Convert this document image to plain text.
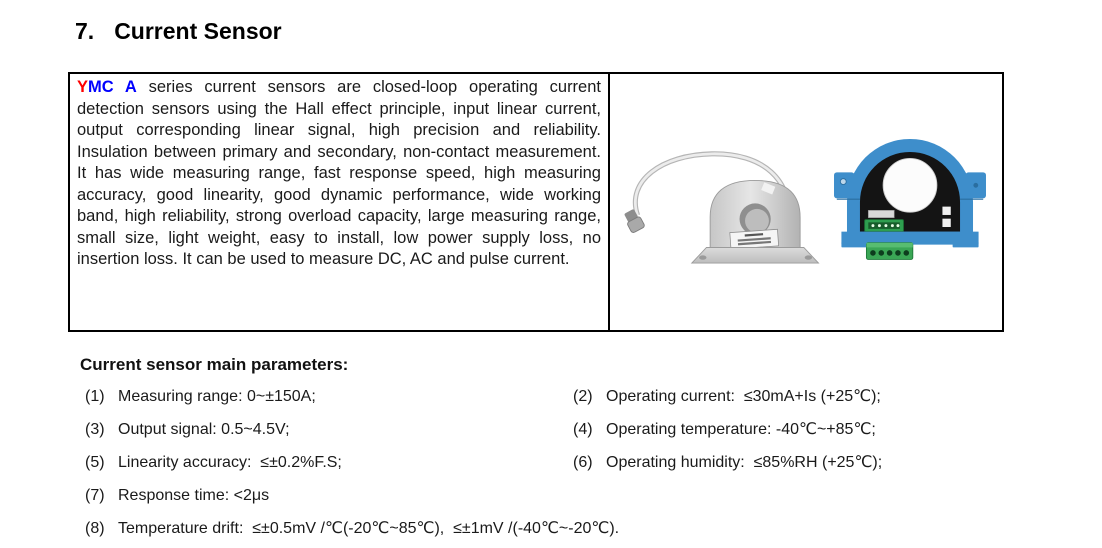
7. Current Sensor
YMC A series current sensors are closed-loop operating current detection sensors using the Hall effect principle, input linear current, output corresponding linear signal, high precision and reliability. Insulation between primary and secondary, non-contact measurement. It has wide measuring range, fast response speed, high measuring accuracy, good linearity, good dynamic performance, wide working band, high reliability, strong overload capacity, large measuring range, small size, light weight, easy to install, low power supply loss, no insertion loss. It can be used to measure DC, AC and pulse current.
Current sensor main parameters:
(1) Measuring range: 0~±150A;	(2) Operating current:  ≤30mA+Is (+25℃);
(3) Output signal: 0.5~4.5V;	(4) Operating temperature: -40℃~+85℃;
(5) Linearity accuracy:  ≤±0.2%F.S;	(6) Operating humidity:  ≤85%RH (+25℃);
(7) Response time: <2μs
(8) Temperature drift:  ≤±0.5mV /℃(-20℃~85℃),  ≤±1mV /(-40℃~-20℃).
